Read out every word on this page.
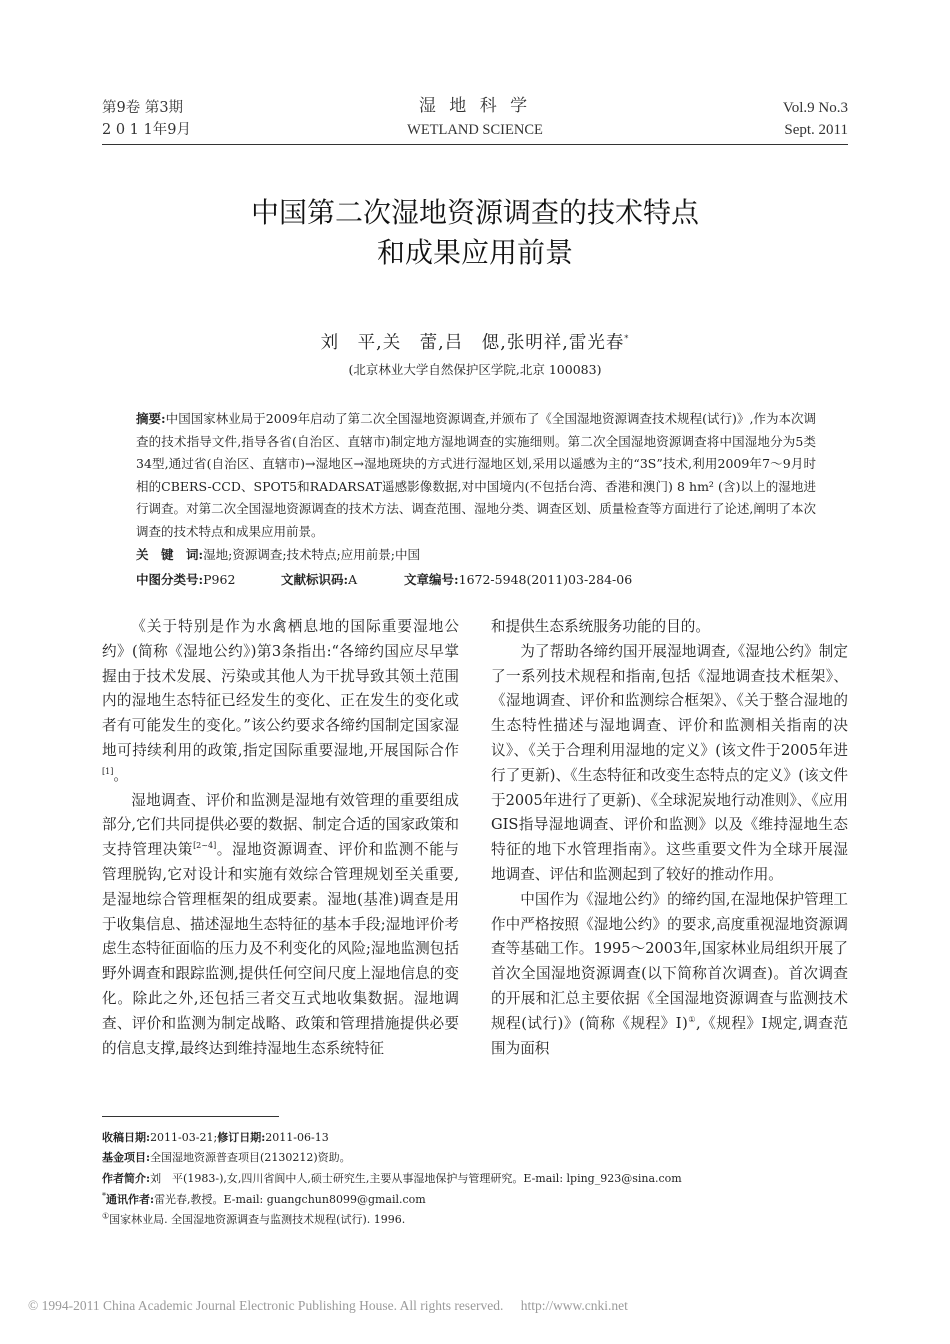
第9卷 第3期
2 0 1 1年9月
湿 地 科 学
WETLAND SCIENCE
Vol.9 No.3
Sept. 2011
中国第二次湿地资源调查的技术特点
和成果应用前景
刘　平,关　蕾,吕　偲,张明祥,雷光春*
(北京林业大学自然保护区学院,北京 100083)
摘要:中国国家林业局于2009年启动了第二次全国湿地资源调查,并颁布了《全国湿地资源调查技术规程(试行)》,作为本次调查的技术指导文件,指导各省(自治区、直辖市)制定地方湿地调查的实施细则。第二次全国湿地资源调查将中国湿地分为5类34型,通过省(自治区、直辖市)→湿地区→湿地斑块的方式进行湿地区划,采用以遥感为主的“3S”技术,利用2009年7～9月时相的CBERS-CCD、SPOT5和RADARSAT遥感影像数据,对中国境内(不包括台湾、香港和澳门) 8 hm² (含)以上的湿地进行调查。对第二次全国湿地资源调查的技术方法、调查范围、湿地分类、调查区划、质量检查等方面进行了论述,阐明了本次调查的技术特点和成果应用前景。
关　键　词:湿地;资源调查;技术特点;应用前景;中国
中图分类号:P962	文献标识码:A	文章编号:1672-5948(2011)03-284-06

《关于特别是作为水禽栖息地的国际重要湿地公约》(简称《湿地公约》)第3条指出:“各缔约国应尽早掌握由于技术发展、污染或其他人为干扰导致其领土范围内的湿地生态特征已经发生的变化、正在发生的变化或者有可能发生的变化。”该公约要求各缔约国制定国家湿地可持续利用的政策,指定国际重要湿地,开展国际合作[1]。

湿地调查、评价和监测是湿地有效管理的重要组成部分,它们共同提供必要的数据、制定合适的国家政策和支持管理决策[2~4]。湿地资源调查、评价和监测不能与管理脱钩,它对设计和实施有效综合管理规划至关重要,是湿地综合管理框架的组成要素。湿地(基准)调查是用于收集信息、描述湿地生态特征的基本手段;湿地评价考虑生态特征面临的压力及不利变化的风险;湿地监测包括野外调查和跟踪监测,提供任何空间尺度上湿地信息的变化。除此之外,还包括三者交互式地收集数据。湿地调查、评价和监测为制定战略、政策和管理措施提供必要的信息支撑,最终达到维持湿地生态系统特征

和提供生态系统服务功能的目的。

为了帮助各缔约国开展湿地调查,《湿地公约》制定了一系列技术规程和指南,包括《湿地调查技术框架》、《湿地调查、评价和监测综合框架》、《关于整合湿地的生态特性描述与湿地调查、评价和监测相关指南的决议》、《关于合理利用湿地的定义》(该文件于2005年进行了更新)、《生态特征和改变生态特点的定义》(该文件于2005年进行了更新)、《全球泥炭地行动准则》、《应用GIS指导湿地调查、评价和监测》以及《维持湿地生态特征的地下水管理指南》。这些重要文件为全球开展湿地调查、评估和监测起到了较好的推动作用。

中国作为《湿地公约》的缔约国,在湿地保护管理工作中严格按照《湿地公约》的要求,高度重视湿地资源调查等基础工作。1995～2003年,国家林业局组织开展了首次全国湿地资源调查(以下简称首次调查)。首次调查的开展和汇总主要依据《全国湿地资源调查与监测技术规程(试行)》(简称《规程》Ⅰ)①,《规程》Ⅰ规定,调查范围为面积

收稿日期:2011-03-21;修订日期:2011-06-13
基金项目:全国湿地资源普查项目(2130212)资助。
作者简介:刘　平(1983-),女,四川省阆中人,硕士研究生,主要从事湿地保护与管理研究。E-mail: lping_923@sina.com
*通讯作者:雷光春,教授。E-mail: guangchun8099@gmail.com
①国家林业局. 全国湿地资源调查与监测技术规程(试行). 1996.
© 1994-2011 China Academic Journal Electronic Publishing House. All rights reserved. http://www.cnki.net
